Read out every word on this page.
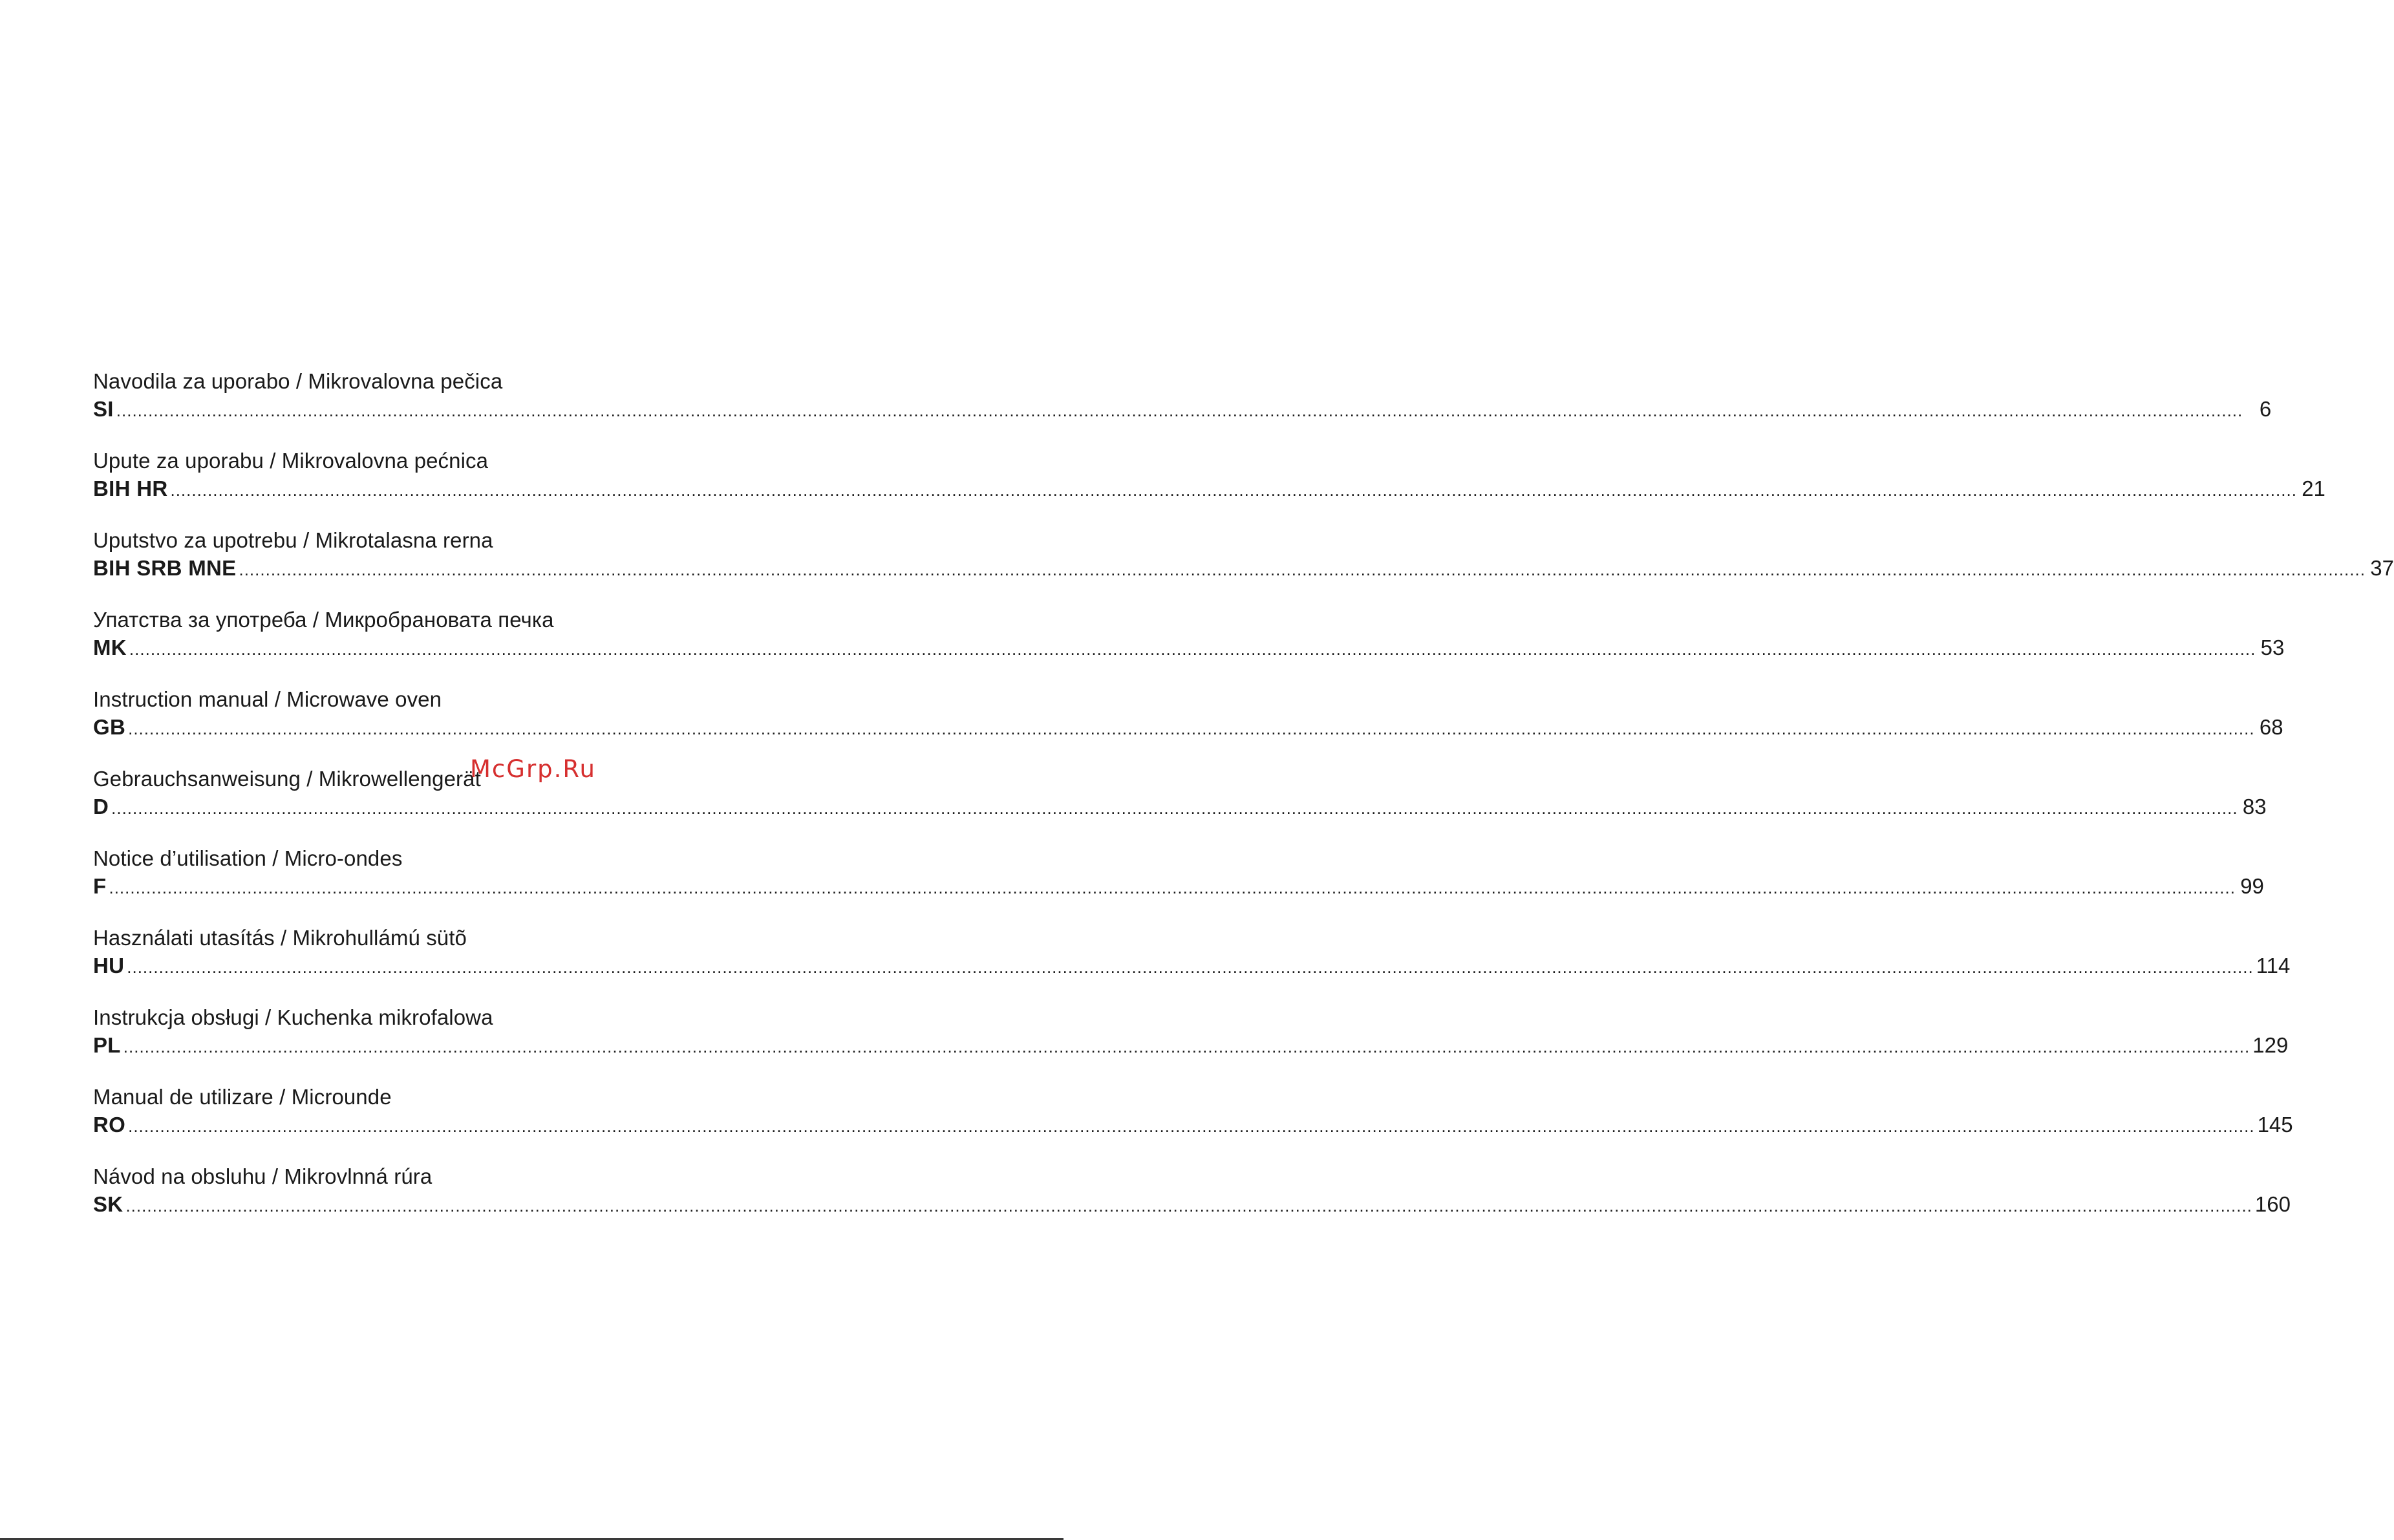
Navodila za uporabo / Mikrovalovna pečica
SI ................................................................................................................................................................................................................................................................................................................................................................................................................ 6
Upute za uporabu / Mikrovalovna pećnica
BIH HR ................................................................................................................................................................................................................................................................................................................................................................................................................ 21
Uputstvo za upotrebu / Mikrotalasna rerna
BIH SRB MNE ................................................................................................................................................................................................................................................................................................................................................................................................................ 37
Упатства за употреба / Микробрановата печка
MK ................................................................................................................................................................................................................................................................................................................................................................................................................ 53
Instruction manual / Microwave oven
GB ................................................................................................................................................................................................................................................................................................................................................................................................................ 68
Gebrauchsanweisung / Mikrowellengerät
D ................................................................................................................................................................................................................................................................................................................................................................................................................ 83
Notice d’utilisation / Micro-ondes
F ................................................................................................................................................................................................................................................................................................................................................................................................................ 99
Használati utasítás / Mikrohullámú sütõ
HU ................................................................................................................................................................................................................................................................................................................................................................................................................ 114
Instrukcja obsługi / Kuchenka mikrofalowa
PL ................................................................................................................................................................................................................................................................................................................................................................................................................ 129
Manual de utilizare / Microunde
RO ................................................................................................................................................................................................................................................................................................................................................................................................................ 145
Návod na obsluhu / Mikrovlnná rúra
SK ................................................................................................................................................................................................................................................................................................................................................................................................................ 160
McGrp.Ru
